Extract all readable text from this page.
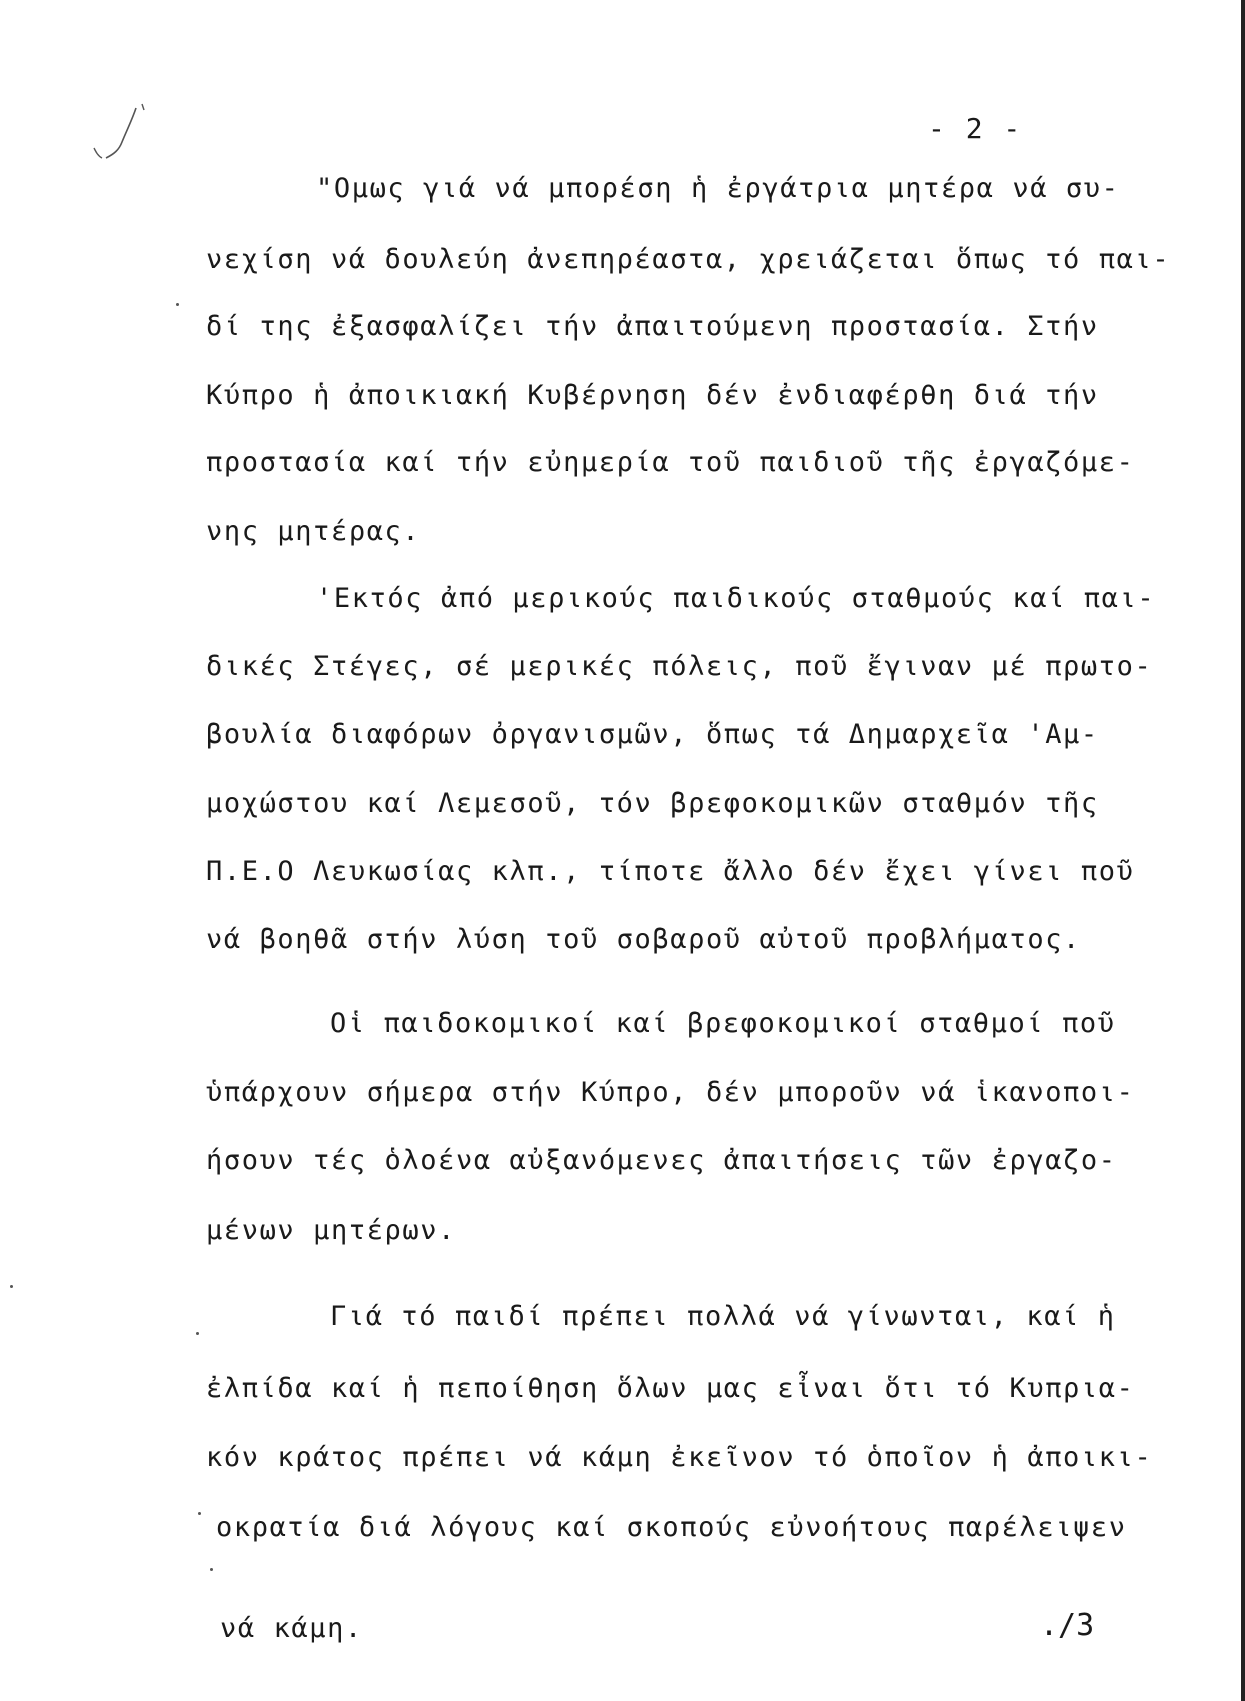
- 2 -
"Ομως γιά νά μπορέση ἡ ἐργάτρια μητέρα νά συ-
νεχίση νά δουλεύη ἀνεπηρέαστα, χρειάζεται ὅπως τό παι-
δί της ἐξασφαλίζει τήν ἀπαιτούμενη προστασία. Στήν
Κύπρο ἡ ἀποικιακή Κυβέρνηση δέν ἐνδιαφέρθη διά τήν
προστασία καί τήν εὐημερία τοῦ παιδιοῦ τῆς ἐργαζόμε-
νης μητέρας.
'Εκτός ἀπό μερικούς παιδικούς σταθμούς καί παι-
δικές Στέγες, σέ μερικές πόλεις, ποῦ ἔγιναν μέ πρωτο-
βουλία διαφόρων ὀργανισμῶν, ὅπως τά Δημαρχεῖα 'Αμ-
μοχώστου καί Λεμεσοῦ, τόν βρεφοκομικῶν σταθμόν τῆς
Π.Ε.Ο Λευκωσίας κλπ., τίποτε ἄλλο δέν ἔχει γίνει ποῦ
νά βοηθᾶ στήν λύση τοῦ σοβαροῦ αὐτοῦ προβλήματος.
Οἱ παιδοκομικοί καί βρεφοκομικοί σταθμοί ποῦ
ὑπάρχουν σήμερα στήν Κύπρο, δέν μποροῦν νά ἱκανοποι-
ήσουν τές ὁλοένα αὐξανόμενες ἀπαιτήσεις τῶν ἐργαζο-
μένων μητέρων.
Γιά τό παιδί πρέπει πολλά νά γίνωνται, καί ἡ
ἐλπίδα καί ἡ πεποίθηση ὅλων μας εἶναι ὅτι τό Κυπρια-
κόν κράτος πρέπει νά κάμη ἐκεῖνον τό ὁποῖον ἡ ἀποικι-
οκρατία διά λόγους καί σκοπούς εὐνοήτους παρέλειψεν
νά κάμη.	./3
